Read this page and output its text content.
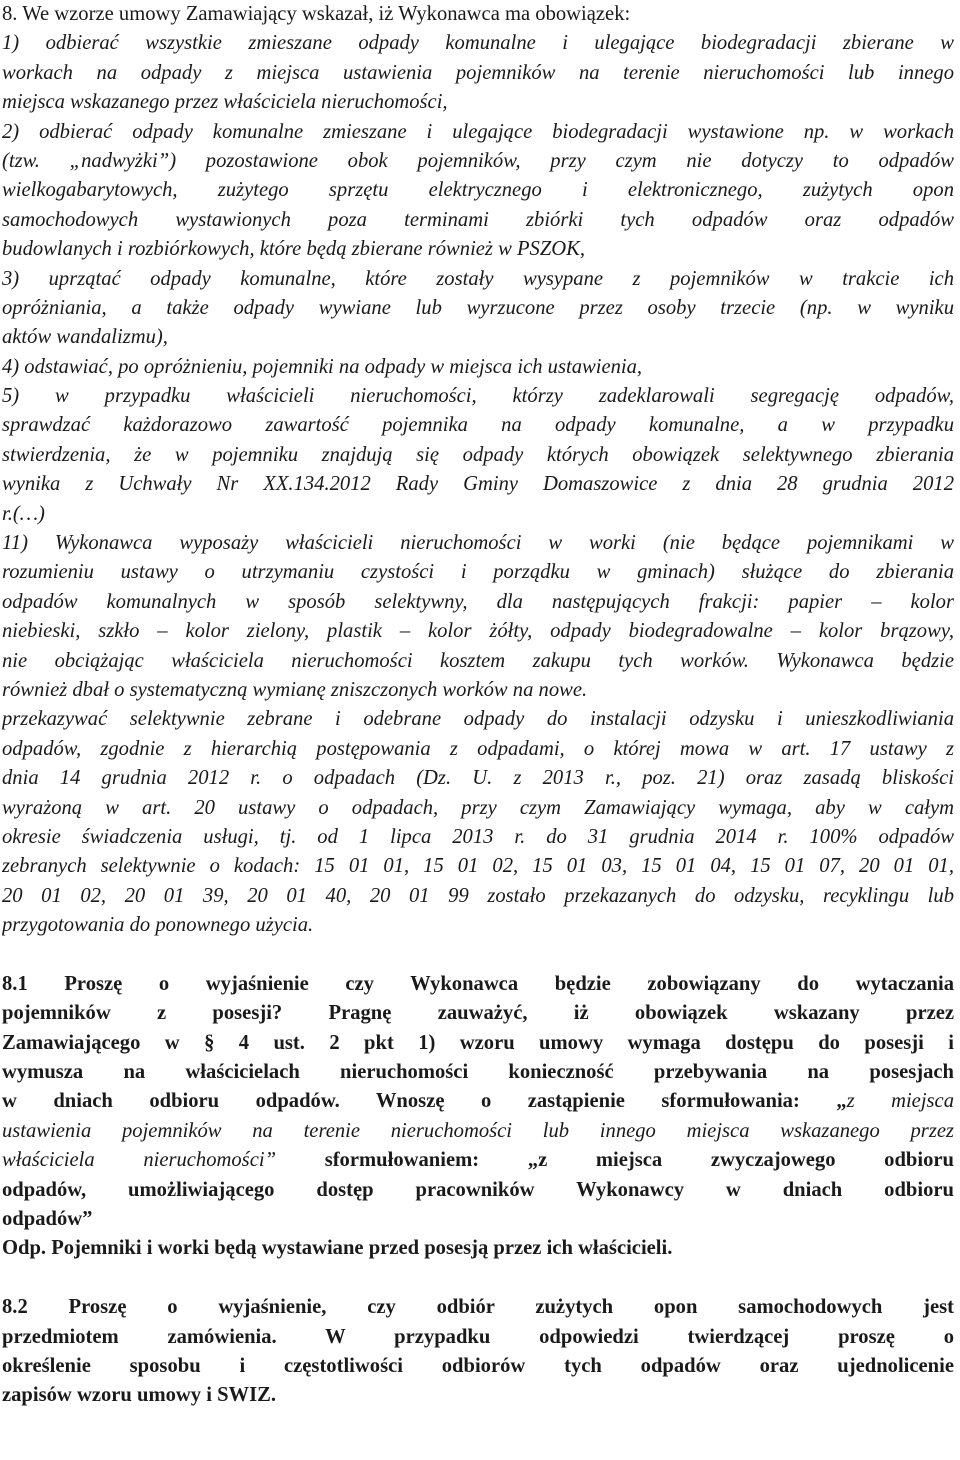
8. We wzorze umowy Zamawiający wskazał, iż Wykonawca ma obowiązek:
1) odbierać wszystkie zmieszane odpady komunalne i ulegające biodegradacji zbierane w
workach na odpady z miejsca ustawienia pojemników na terenie nieruchomości lub innego
miejsca wskazanego przez właściciela nieruchomości,
2) odbierać odpady komunalne zmieszane i ulegające biodegradacji wystawione np. w workach
(tzw. „nadwyżki”) pozostawione obok pojemników, przy czym nie dotyczy to odpadów
wielkogabarytowych, zużytego sprzętu elektrycznego i elektronicznego, zużytych opon
samochodowych wystawionych poza terminami zbiórki tych odpadów oraz odpadów
budowlanych i rozbiórkowych, które będą zbierane również w PSZOK,
3) uprzątać odpady komunalne, które zostały wysypane z pojemników w trakcie ich
opróżniania, a także odpady wywiane lub wyrzucone przez osoby trzecie (np. w wyniku
aktów wandalizmu),
4) odstawiać, po opróżnieniu, pojemniki na odpady w miejsca ich ustawienia,
5) w przypadku właścicieli nieruchomości, którzy zadeklarowali segregację odpadów,
sprawdzać każdorazowo zawartość pojemnika na odpady komunalne, a w przypadku
stwierdzenia, że w pojemniku znajdują się odpady których obowiązek selektywnego zbierania
wynika z Uchwały Nr XX.134.2012 Rady Gminy Domaszowice z dnia 28 grudnia 2012
r.(…)
11) Wykonawca wyposaży właścicieli nieruchomości w worki (nie będące pojemnikami w
rozumieniu ustawy o utrzymaniu czystości i porządku w gminach) służące do zbierania
odpadów komunalnych w sposób selektywny, dla następujących frakcji: papier – kolor
niebieski, szkło – kolor zielony, plastik – kolor żółty, odpady biodegradowalne – kolor brązowy,
nie obciążając właściciela nieruchomości kosztem zakupu tych worków. Wykonawca będzie
również dbał o systematyczną wymianę zniszczonych worków na nowe.
przekazywać selektywnie zebrane i odebrane odpady do instalacji odzysku i unieszkodliwiania
odpadów, zgodnie z hierarchią postępowania z odpadami, o której mowa w art. 17 ustawy z
dnia 14 grudnia 2012 r. o odpadach (Dz. U. z 2013 r., poz. 21) oraz zasadą bliskości
wyrażoną w art. 20 ustawy o odpadach, przy czym Zamawiający wymaga, aby w całym
okresie świadczenia usługi, tj. od 1 lipca 2013 r. do 31 grudnia 2014 r. 100% odpadów
zebranych selektywnie o kodach: 15 01 01, 15 01 02, 15 01 03, 15 01 04, 15 01 07, 20 01 01,
20 01 02, 20 01 39, 20 01 40, 20 01 99 zostało przekazanych do odzysku, recyklingu lub
przygotowania do ponownego użycia.
8.1 Proszę o wyjaśnienie czy Wykonawca będzie zobowiązany do wytaczania
pojemników z posesji? Pragnę zauważyć, iż obowiązek wskazany przez
Zamawiającego w § 4 ust. 2 pkt 1) wzoru umowy wymaga dostępu do posesji i
wymusza na właścicielach nieruchomości konieczność przebywania na posesjach
w dniach odbioru odpadów. Wnoszę o zastąpienie sformułowania: „z miejsca
ustawienia pojemników na terenie nieruchomości lub innego miejsca wskazanego przez
właściciela nieruchomości” sformułowaniem: „z miejsca zwyczajowego odbioru
odpadów, umożliwiającego dostęp pracowników Wykonawcy w dniach odbioru
odpadów”
Odp. Pojemniki i worki będą wystawiane przed posesją przez ich właścicieli.
8.2 Proszę o wyjaśnienie, czy odbiór zużytych opon samochodowych jest
przedmiotem zamówienia. W przypadku odpowiedzi twierdzącej proszę o
określenie sposobu i częstotliwości odbiorów tych odpadów oraz ujednolicenie
zapisów wzoru umowy i SWIZ.
